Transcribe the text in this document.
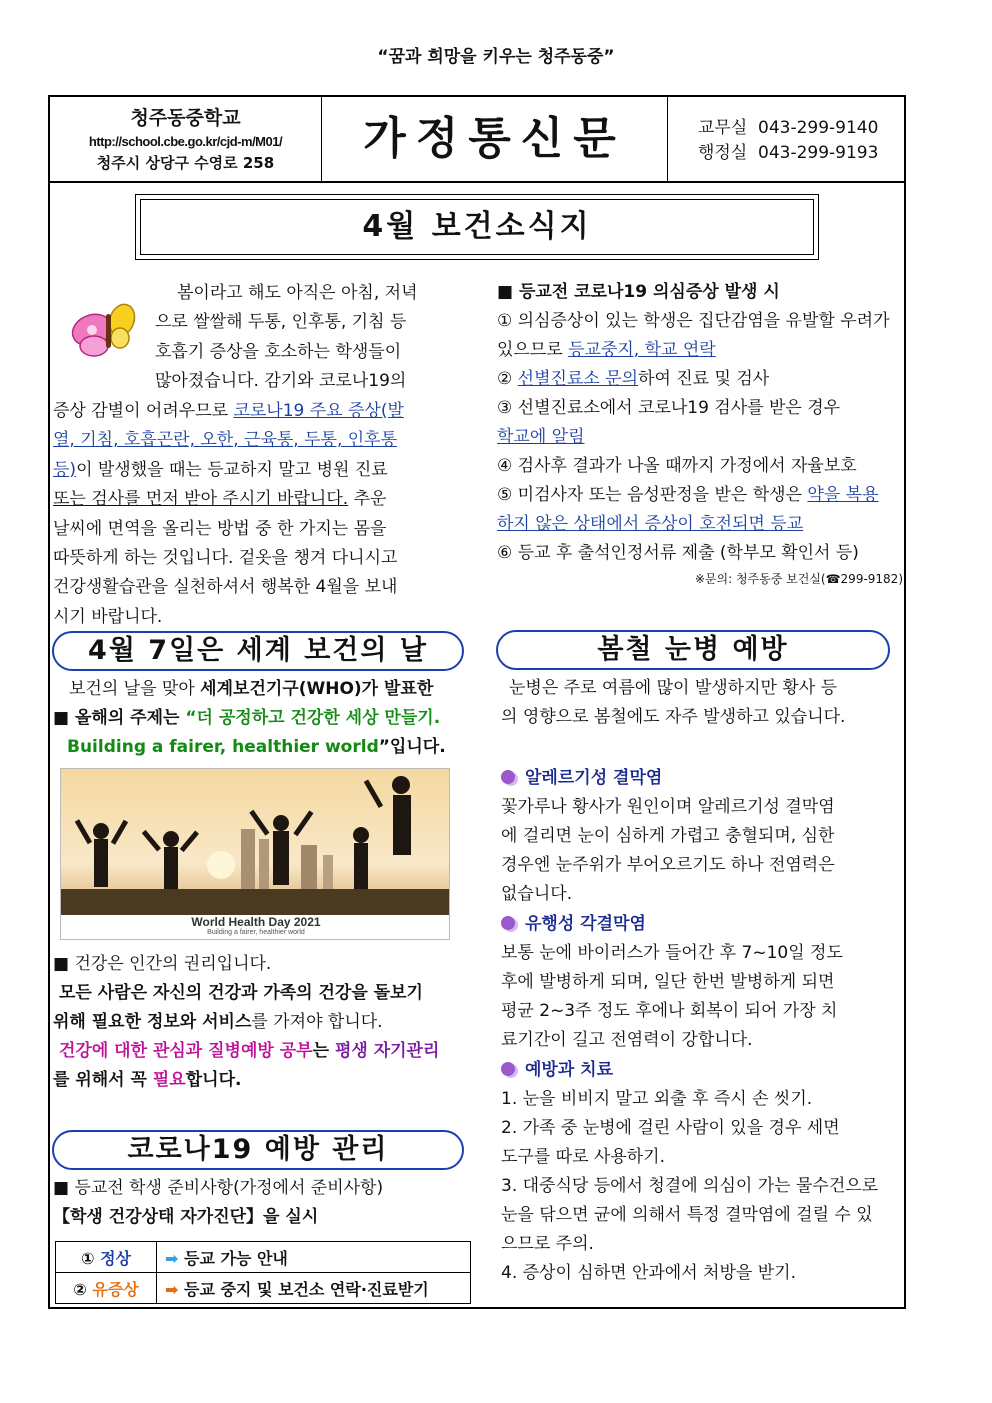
“꿈과 희망을 키우는 청주동중”
청주동중학교
http://school.cbe.go.kr/cjd-m/M01/
청주시 상당구 수영로 258	가정통신문	교무실 043-299-9140
행정실 043-299-9193
4월 보건소식지
봄이라고 해도 아직은 아침, 저녁
으로 쌀쌀해 두통, 인후통, 기침 등
호흡기 증상을 호소하는 학생들이
많아졌습니다. 감기와 코로나19의
증상 감별이 어려우므로 코로나19 주요 증상(발
열, 기침, 호흡곤란, 오한, 근육통, 두통, 인후통
등)이 발생했을 때는 등교하지 말고 병원 진료
또는 검사를 먼저 받아 주시기 바랍니다. 추운
날씨에 면역을 올리는 방법 중 한 가지는 몸을
따뜻하게 하는 것입니다. 겉옷을 챙겨 다니시고
건강생활습관을 실천하셔서 행복한 4월을 보내
시기 바랍니다.
■ 등교전 코로나19 의심증상 발생 시
① 의심증상이 있는 학생은 집단감염을 유발할 우려가
있으므로 등교중지, 학교 연락
② 선별진료소 문의하여 진료 및 검사
③ 선별진료소에서 코로나19 검사를 받은 경우
학교에 알림
④ 검사후 결과가 나올 때까지 가정에서 자율보호
⑤ 미검사자 또는 음성판정을 받은 학생은 약을 복용
하지 않은 상태에서 증상이 호전되면 등교
⑥ 등교 후 출석인정서류 제출 (학부모 확인서 등)
※문의: 청주동중 보건실(☎299-9182)
4월 7일은 세계 보건의 날
보건의 날을 맞아 세계보건기구(WHO)가 발표한
■ 올해의 주제는 “더 공정하고 건강한 세상 만들기.
Building a fairer, healthier world”입니다.
World Health Day 2021
Building a fairer, healthier world
■ 건강은 인간의 권리입니다.
모든 사람은 자신의 건강과 가족의 건강을 돌보기
위해 필요한 정보와 서비스를 가져야 합니다.
건강에 대한 관심과 질병예방 공부는 평생 자기관리
를 위해서 꼭 필요합니다.
코로나19 예방 관리
■ 등교전 학생 준비사항(가정에서 준비사항)
【학생 건강상태 자가진단】을 실시
① 정상	➡ 등교 가능 안내
② 유증상	➡ 등교 중지 및 보건소 연락·진료받기
봄철 눈병 예방
눈병은 주로 여름에 많이 발생하지만 황사 등
의 영향으로 봄철에도 자주 발생하고 있습니다.
알레르기성 결막염
꽃가루나 황사가 원인이며 알레르기성 결막염
에 걸리면 눈이 심하게 가렵고 충혈되며, 심한
경우엔 눈주위가 부어오르기도 하나 전염력은
없습니다.
유행성 각결막염
보통 눈에 바이러스가 들어간 후 7~10일 정도
후에 발병하게 되며, 일단 한번 발병하게 되면
평균 2~3주 정도 후에나 회복이 되어 가장 치
료기간이 길고 전염력이 강합니다.
예방과 치료
1. 눈을 비비지 말고 외출 후 즉시 손 씻기.
2. 가족 중 눈병에 걸린 사람이 있을 경우 세면
도구를 따로 사용하기.
3. 대중식당 등에서 청결에 의심이 가는 물수건으로
눈을 닦으면 균에 의해서 특정 결막염에 걸릴 수 있
으므로 주의.
4. 증상이 심하면 안과에서 처방을 받기.
